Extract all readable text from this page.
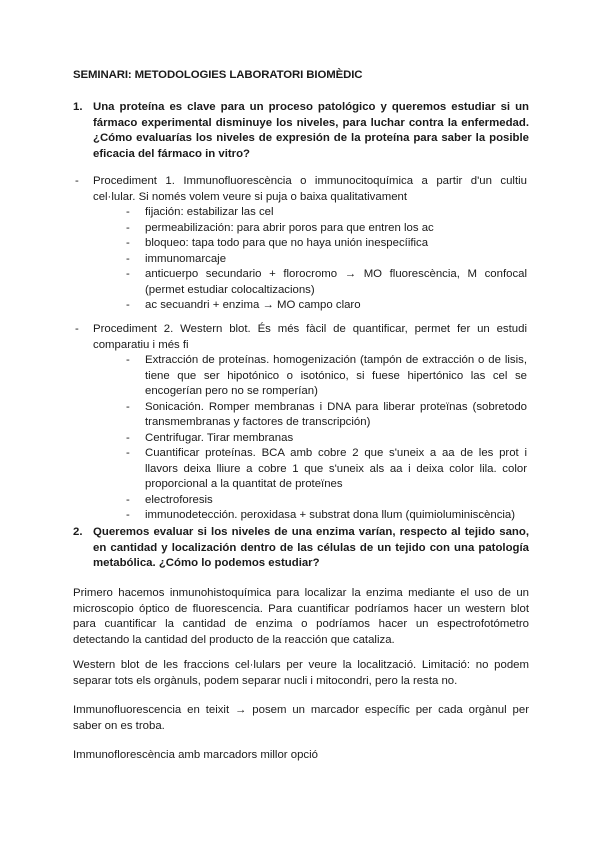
SEMINARI: METODOLOGIES LABORATORI BIOMÈDIC
1. Una proteína es clave para un proceso patológico y queremos estudiar si un fármaco experimental disminuye los niveles, para luchar contra la enfermedad. ¿Cómo evaluarías los niveles de expresión de la proteína para saber la posible eficacia del fármaco in vitro?
- Procediment 1. Immunofluorescència o immunocitoquímica a partir d'un cultiu cel·lular. Si només volem veure si puja o baixa qualitativament
- fijación: estabilizar las cel
- permeabilización: para abrir poros para que entren los ac
- bloqueo: tapa todo para que no haya unión inespecíifica
- immunomarcaje
- anticuerpo secundario + florocromo → MO fluorescència, M confocal (permet estudiar colocaltizacions)
- ac secuandri + enzima → MO campo claro
- Procediment 2. Western blot. És més fàcil de quantificar, permet fer un estudi comparatiu i més fi
- Extracción de proteínas. homogenización (tampón de extracción o de lisis, tiene que ser hipotónico o isotónico, si fuese hipertónico las cel se encogerían pero no se romperían)
- Sonicación. Romper membranas i DNA para liberar proteïnas (sobretodo transmembranas y factores de transcripción)
- Centrifugar. Tirar membranas
- Cuantificar proteínas. BCA amb cobre 2 que s'uneix a aa de les prot i llavors deixa lliure a cobre 1 que s'uneix als aa i deixa color lila. color proporcional a la quantitat de proteïnes
- electroforesis
- immunodetección. peroxidasa + substrat dona llum (quimioluminiscència)
2. Queremos evaluar si los niveles de una enzima varían, respecto al tejido sano, en cantidad y localización dentro de las células de un tejido con una patología metabólica. ¿Cómo lo podemos estudiar?
Primero hacemos inmunohistoquímica para localizar la enzima mediante el uso de un microscopio óptico de fluorescencia. Para cuantificar podríamos hacer un western blot para cuantificar la cantidad de enzima o podríamos hacer un espectrofotómetro detectando la cantidad del producto de la reacción que cataliza.
Western blot de les fraccions cel·lulars per veure la localització. Limitació: no podem separar tots els orgànuls, podem separar nucli i mitocondri, pero la resta no.
Immunofluorescencia en teixit → posem un marcador específic per cada orgànul per saber on es troba.
Immunoflorescència amb marcadors millor opció
